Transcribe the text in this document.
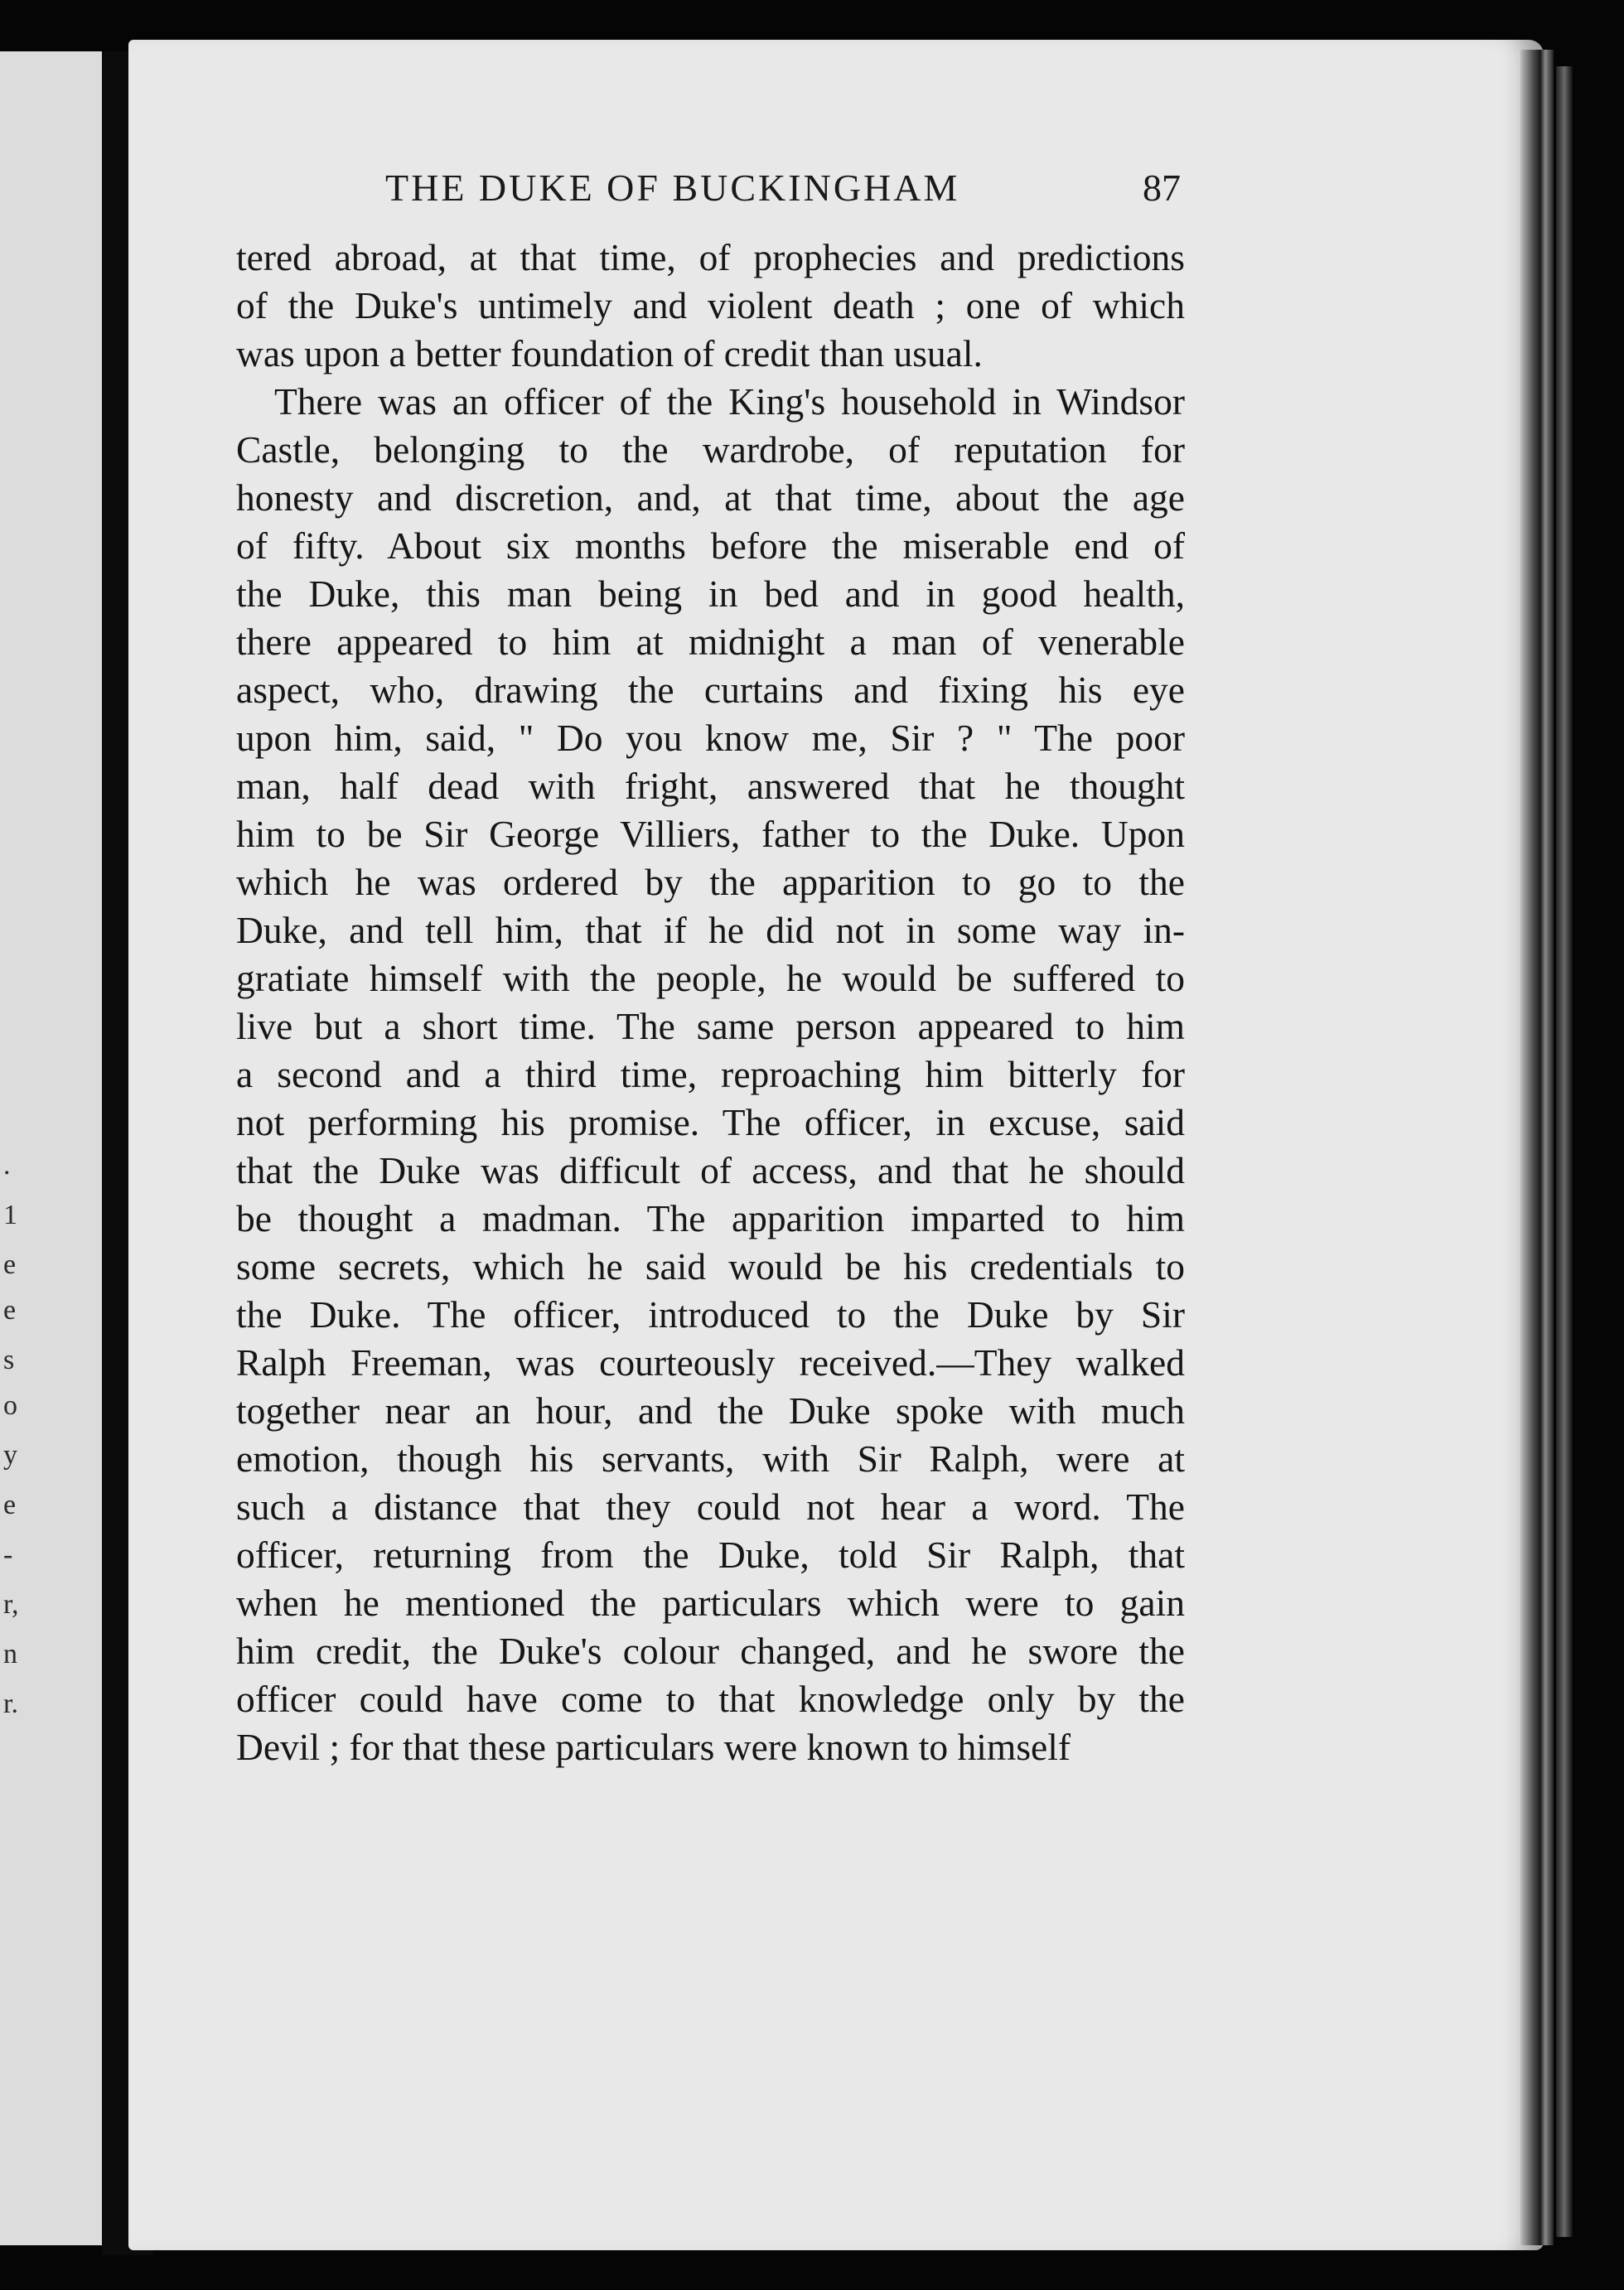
.
1
e
e
s
o
y
e
-
r,
n
r.
THE DUKE OF BUCKINGHAM	87
tered abroad, at that time, of prophecies and predictions
of the Duke's untimely and violent death ; one of which
was upon a better foundation of credit than usual.
There was an officer of the King's household in Windsor
Castle, belonging to the wardrobe, of reputation for
honesty and discretion, and, at that time, about the age
of fifty. About six months before the miserable end of
the Duke, this man being in bed and in good health,
there appeared to him at midnight a man of venerable
aspect, who, drawing the curtains and fixing his eye
upon him, said, " Do you know me, Sir ? " The poor
man, half dead with fright, answered that he thought
him to be Sir George Villiers, father to the Duke. Upon
which he was ordered by the apparition to go to the
Duke, and tell him, that if he did not in some way in-
gratiate himself with the people, he would be suffered to
live but a short time. The same person appeared to him
a second and a third time, reproaching him bitterly for
not performing his promise. The officer, in excuse, said
that the Duke was difficult of access, and that he should
be thought a madman. The apparition imparted to him
some secrets, which he said would be his credentials to
the Duke. The officer, introduced to the Duke by Sir
Ralph Freeman, was courteously received.—They walked
together near an hour, and the Duke spoke with much
emotion, though his servants, with Sir Ralph, were at
such a distance that they could not hear a word. The
officer, returning from the Duke, told Sir Ralph, that
when he mentioned the particulars which were to gain
him credit, the Duke's colour changed, and he swore the
officer could have come to that knowledge only by the
Devil ; for that these particulars were known to himself
